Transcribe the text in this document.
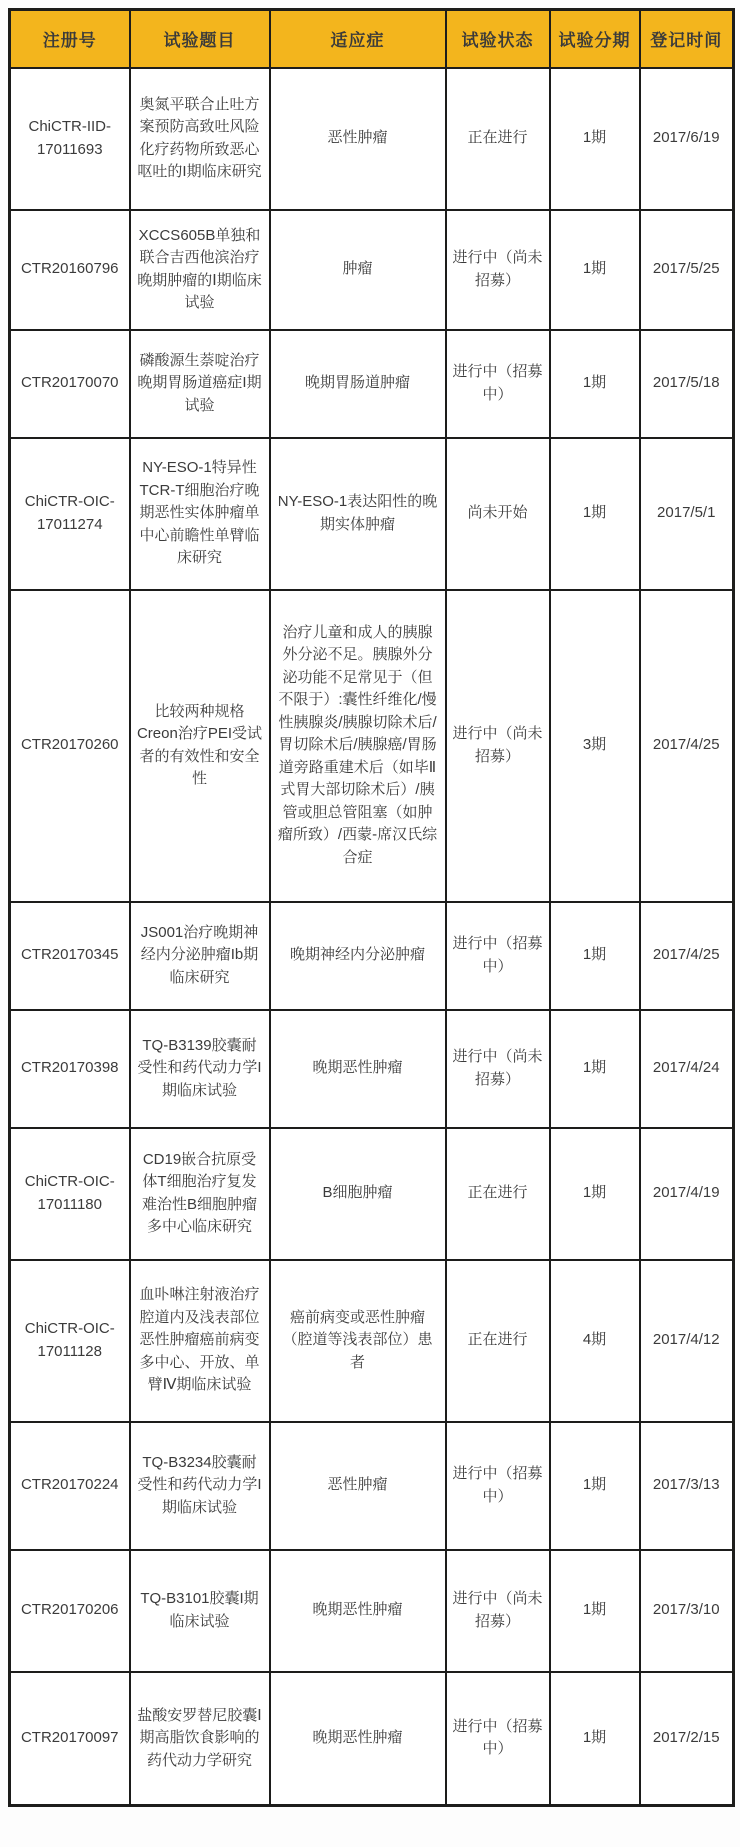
注册号	试验题目	适应症	试验状态	试验分期	登记时间
ChiCTR-IID-17011693	奥氮平联合止吐方案预防高致吐风险化疗药物所致恶心呕吐的I期临床研究	恶性肿瘤	正在进行	1期	2017/6/19
CTR20160796	XCCS605B单独和联合吉西他滨治疗晚期肿瘤的Ⅰ期临床试验	肿瘤	进行中（尚未招募）	1期	2017/5/25
CTR20170070	磷酸源生萘啶治疗晚期胃肠道癌症I期试验	晚期胃肠道肿瘤	进行中（招募中）	1期	2017/5/18
ChiCTR-OIC-17011274	NY-ESO-1特异性TCR-T细胞治疗晚期恶性实体肿瘤单中心前瞻性单臂临床研究	NY-ESO-1表达阳性的晚期实体肿瘤	尚未开始	1期	2017/5/1
CTR20170260	比较两种规格Creon治疗PEI受试者的有效性和安全性	治疗儿童和成人的胰腺外分泌不足。胰腺外分泌功能不足常见于（但不限于）:囊性纤维化/慢性胰腺炎/胰腺切除术后/胃切除术后/胰腺癌/胃肠道旁路重建术后（如毕Ⅱ式胃大部切除术后）/胰管或胆总管阻塞（如肿瘤所致）/西蒙-席汉氏综合症	进行中（尚未招募）	3期	2017/4/25
CTR20170345	JS001治疗晚期神经内分泌肿瘤Ib期临床研究	晚期神经内分泌肿瘤	进行中（招募中）	1期	2017/4/25
CTR20170398	TQ-B3139胶囊耐受性和药代动力学I期临床试验	晚期恶性肿瘤	进行中（尚未招募）	1期	2017/4/24
ChiCTR-OIC-17011180	CD19嵌合抗原受体T细胞治疗复发难治性B细胞肿瘤多中心临床研究	B细胞肿瘤	正在进行	1期	2017/4/19
ChiCTR-OIC-17011128	血卟啉注射液治疗腔道内及浅表部位恶性肿瘤癌前病变多中心、开放、单臂Ⅳ期临床试验	癌前病变或恶性肿瘤（腔道等浅表部位）患者	正在进行	4期	2017/4/12
CTR20170224	TQ-B3234胶囊耐受性和药代动力学I期临床试验	恶性肿瘤	进行中（招募中）	1期	2017/3/13
CTR20170206	TQ-B3101胶囊I期临床试验	晚期恶性肿瘤	进行中（尚未招募）	1期	2017/3/10
CTR20170097	盐酸安罗替尼胶囊Ⅰ期高脂饮食影响的药代动力学研究	晚期恶性肿瘤	进行中（招募中）	1期	2017/2/15
